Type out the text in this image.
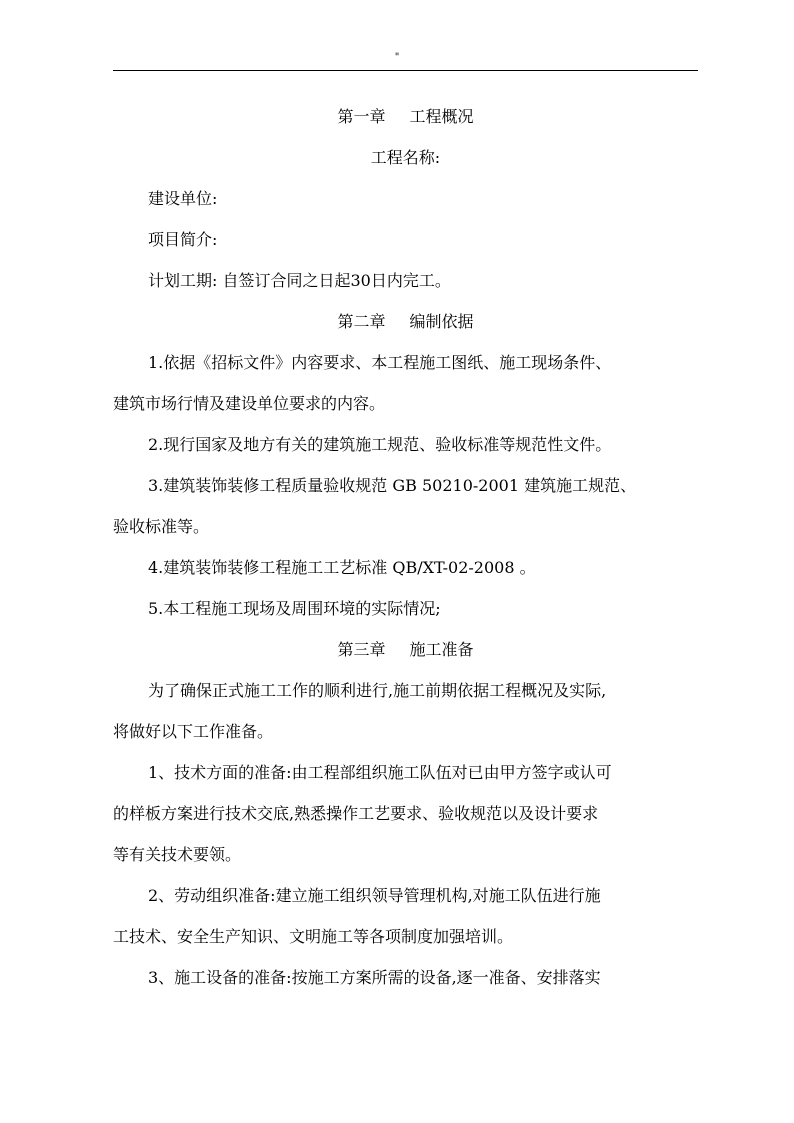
"
第一章 工程概况
工程名称:
建设单位:
项目简介:
计划工期: 自签订合同之日起30日内完工。
第二章 编制依据
1.依据《招标文件》内容要求、本工程施工图纸、施工现场条件、
建筑市场行情及建设单位要求的内容。
2.现行国家及地方有关的建筑施工规范、验收标准等规范性文件。
3.建筑装饰装修工程质量验收规范 GB 50210-2001 建筑施工规范、
验收标准等。
4.建筑装饰装修工程施工工艺标准 QB/XT-02-2008 。
5.本工程施工现场及周围环境的实际情况;
第三章 施工准备
为了确保正式施工工作的顺利进行,施工前期依据工程概况及实际,
将做好以下工作准备。
1、技术方面的准备:由工程部组织施工队伍对已由甲方签字或认可
的样板方案进行技术交底,熟悉操作工艺要求、验收规范以及设计要求
等有关技术要领。
2、劳动组织准备:建立施工组织领导管理机构,对施工队伍进行施
工技术、安全生产知识、文明施工等各项制度加强培训。
3、施工设备的准备:按施工方案所需的设备,逐一准备、安排落实
